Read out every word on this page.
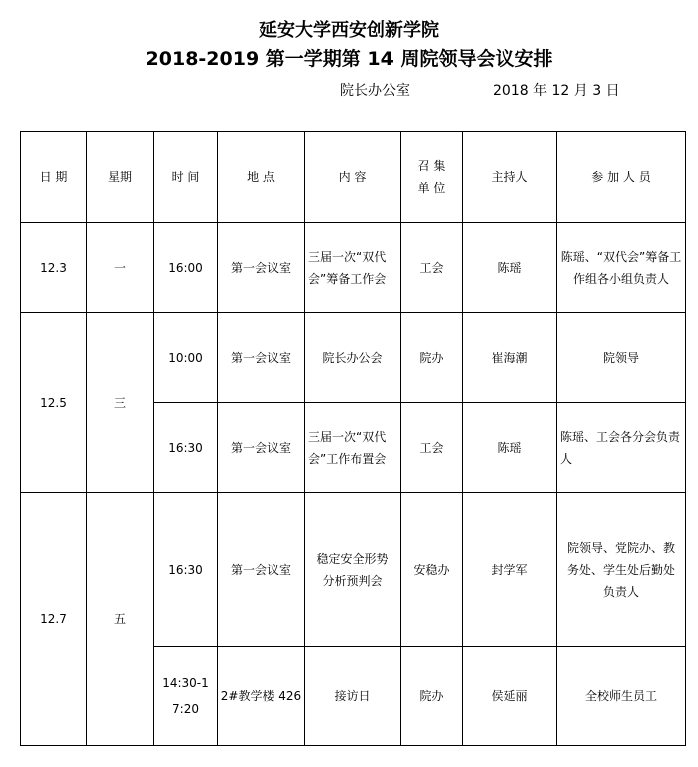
延安大学西安创新学院
2018-2019 第一学期第 14 周院领导会议安排
院长办公室	2018 年 12 月 3 日
日 期	星期	时 间	地 点	内 容	召 集 单 位	主持人	参 加 人 员
12.3	一	16:00	第一会议室	三届一次“双代会”筹备工作会	工会	陈瑶	陈瑶、“双代会”筹备工作组各小组负责人
12.5	三	10:00	第一会议室	院长办公会	院办	崔海潮	院领导
		16:30	第一会议室	三届一次“双代会”工作布置会	工会	陈瑶	陈瑶、工会各分会负责人
12.7	五	16:30	第一会议室	稳定安全形势分析预判会	安稳办	封学军	院领导、党院办、教务处、学生处后勤处负责人
		14:30-17:20	2#教学楼 426	接访日	院办	侯延丽	全校师生员工
